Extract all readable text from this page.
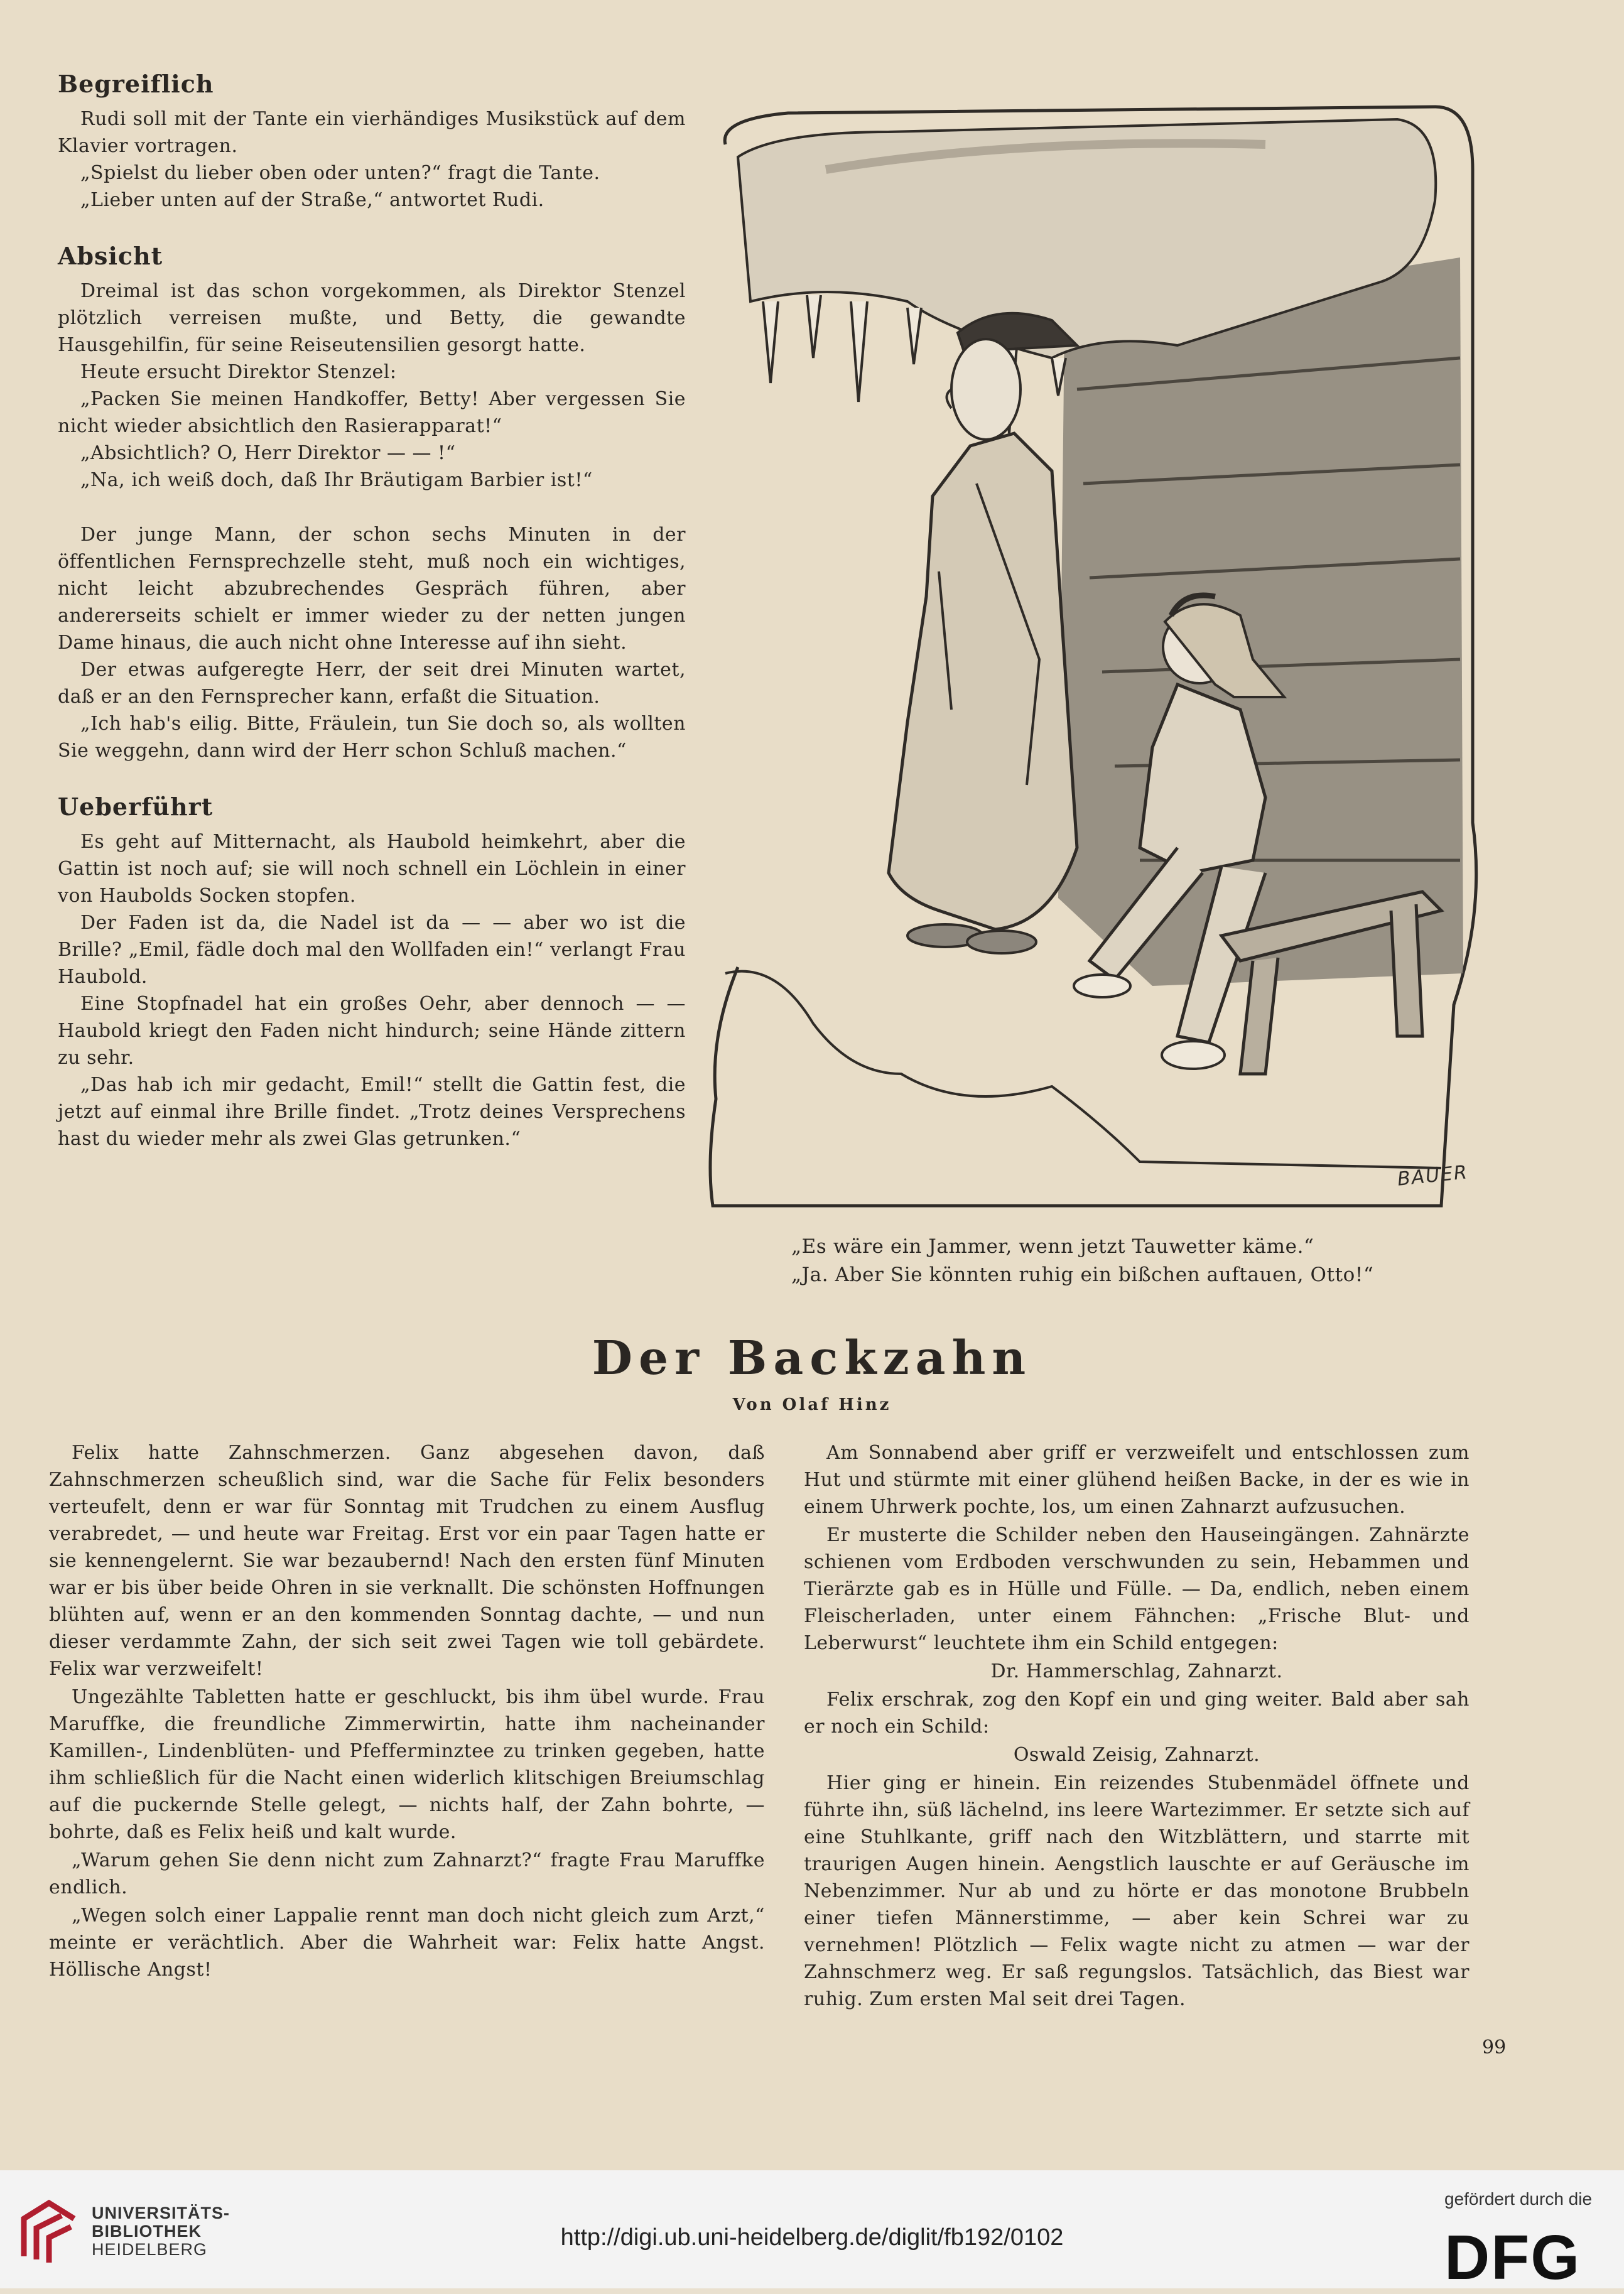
Begreiflich

Rudi soll mit der Tante ein vierhändiges Musikstück auf dem Klavier vortragen.

„Spielst du lieber oben oder unten?“ fragt die Tante.

„Lieber unten auf der Straße,“ antwortet Rudi.

Absicht

Dreimal ist das schon vorgekommen, als Direktor Stenzel plötzlich verreisen mußte, und Betty, die gewandte Hausgehilfin, für seine Reiseutensilien gesorgt hatte.

Heute ersucht Direktor Stenzel:

„Packen Sie meinen Handkoffer, Betty! Aber vergessen Sie nicht wieder absichtlich den Rasierapparat!“

„Absichtlich? O, Herr Direktor — — !“

„Na, ich weiß doch, daß Ihr Bräutigam Barbier ist!“

Der junge Mann, der schon sechs Minuten in der öffentlichen Fernsprechzelle steht, muß noch ein wichtiges, nicht leicht abzubrechendes Gespräch führen, aber andererseits schielt er immer wieder zu der netten jungen Dame hinaus, die auch nicht ohne Interesse auf ihn sieht.

Der etwas aufgeregte Herr, der seit drei Minuten wartet, daß er an den Fernsprecher kann, erfaßt die Situation.

„Ich hab's eilig. Bitte, Fräulein, tun Sie doch so, als wollten Sie weggehn, dann wird der Herr schon Schluß machen.“

Ueberführt

Es geht auf Mitternacht, als Haubold heimkehrt, aber die Gattin ist noch auf; sie will noch schnell ein Löchlein in einer von Haubolds Socken stopfen.

Der Faden ist da, die Nadel ist da — — aber wo ist die Brille? „Emil, fädle doch mal den Wollfaden ein!“ verlangt Frau Haubold.

Eine Stopfnadel hat ein großes Oehr, aber dennoch — — Haubold kriegt den Faden nicht hindurch; seine Hände zittern zu sehr.

„Das hab ich mir gedacht, Emil!“ stellt die Gattin fest, die jetzt auf einmal ihre Brille findet. „Trotz deines Versprechens hast du wieder mehr als zwei Glas getrunken.“

BAUER
„Es wäre ein Jammer, wenn jetzt Tauwetter käme.“
„Ja. Aber Sie könnten ruhig ein bißchen auftauen, Otto!“
Der Backzahn
Von Olaf Hinz

Felix hatte Zahnschmerzen. Ganz abgesehen davon, daß Zahnschmerzen scheußlich sind, war die Sache für Felix besonders verteufelt, denn er war für Sonntag mit Trudchen zu einem Ausflug verabredet, — und heute war Freitag. Erst vor ein paar Tagen hatte er sie kennengelernt. Sie war bezaubernd! Nach den ersten fünf Minuten war er bis über beide Ohren in sie verknallt. Die schönsten Hoffnungen blühten auf, wenn er an den kommenden Sonntag dachte, — und nun dieser verdammte Zahn, der sich seit zwei Tagen wie toll gebärdete. Felix war verzweifelt!

Ungezählte Tabletten hatte er geschluckt, bis ihm übel wurde. Frau Maruffke, die freundliche Zimmerwirtin, hatte ihm nacheinander Kamillen-, Lindenblüten- und Pfefferminztee zu trinken gegeben, hatte ihm schließlich für die Nacht einen widerlich klitschigen Breiumschlag auf die puckernde Stelle gelegt, — nichts half, der Zahn bohrte, — bohrte, daß es Felix heiß und kalt wurde.

„Warum gehen Sie denn nicht zum Zahnarzt?“ fragte Frau Maruffke endlich.

„Wegen solch einer Lappalie rennt man doch nicht gleich zum Arzt,“ meinte er verächtlich. Aber die Wahrheit war: Felix hatte Angst. Höllische Angst!

Am Sonnabend aber griff er verzweifelt und entschlossen zum Hut und stürmte mit einer glühend heißen Backe, in der es wie in einem Uhrwerk pochte, los, um einen Zahnarzt aufzusuchen.

Er musterte die Schilder neben den Hauseingängen. Zahnärzte schienen vom Erdboden verschwunden zu sein, Hebammen und Tierärzte gab es in Hülle und Fülle. — Da, endlich, neben einem Fleischerladen, unter einem Fähnchen: „Frische Blut- und Leberwurst“ leuchtete ihm ein Schild entgegen:

Dr. Hammerschlag, Zahnarzt.

Felix erschrak, zog den Kopf ein und ging weiter. Bald aber sah er noch ein Schild:

Oswald Zeisig, Zahnarzt.

Hier ging er hinein. Ein reizendes Stubenmädel öffnete und führte ihn, süß lächelnd, ins leere Wartezimmer. Er setzte sich auf eine Stuhlkante, griff nach den Witzblättern, und starrte mit traurigen Augen hinein. Aengstlich lauschte er auf Geräusche im Nebenzimmer. Nur ab und zu hörte er das monotone Brubbeln einer tiefen Männerstimme, — aber kein Schrei war zu vernehmen! Plötzlich — Felix wagte nicht zu atmen — war der Zahnschmerz weg. Er saß regungslos. Tatsächlich, das Biest war ruhig. Zum ersten Mal seit drei Tagen.

99
UNIVERSITÄTS-
BIBLIOTHEK
HEIDELBERG	http://digi.ub.uni-heidelberg.de/diglit/fb192/0102
gefördert durch die
DFG
